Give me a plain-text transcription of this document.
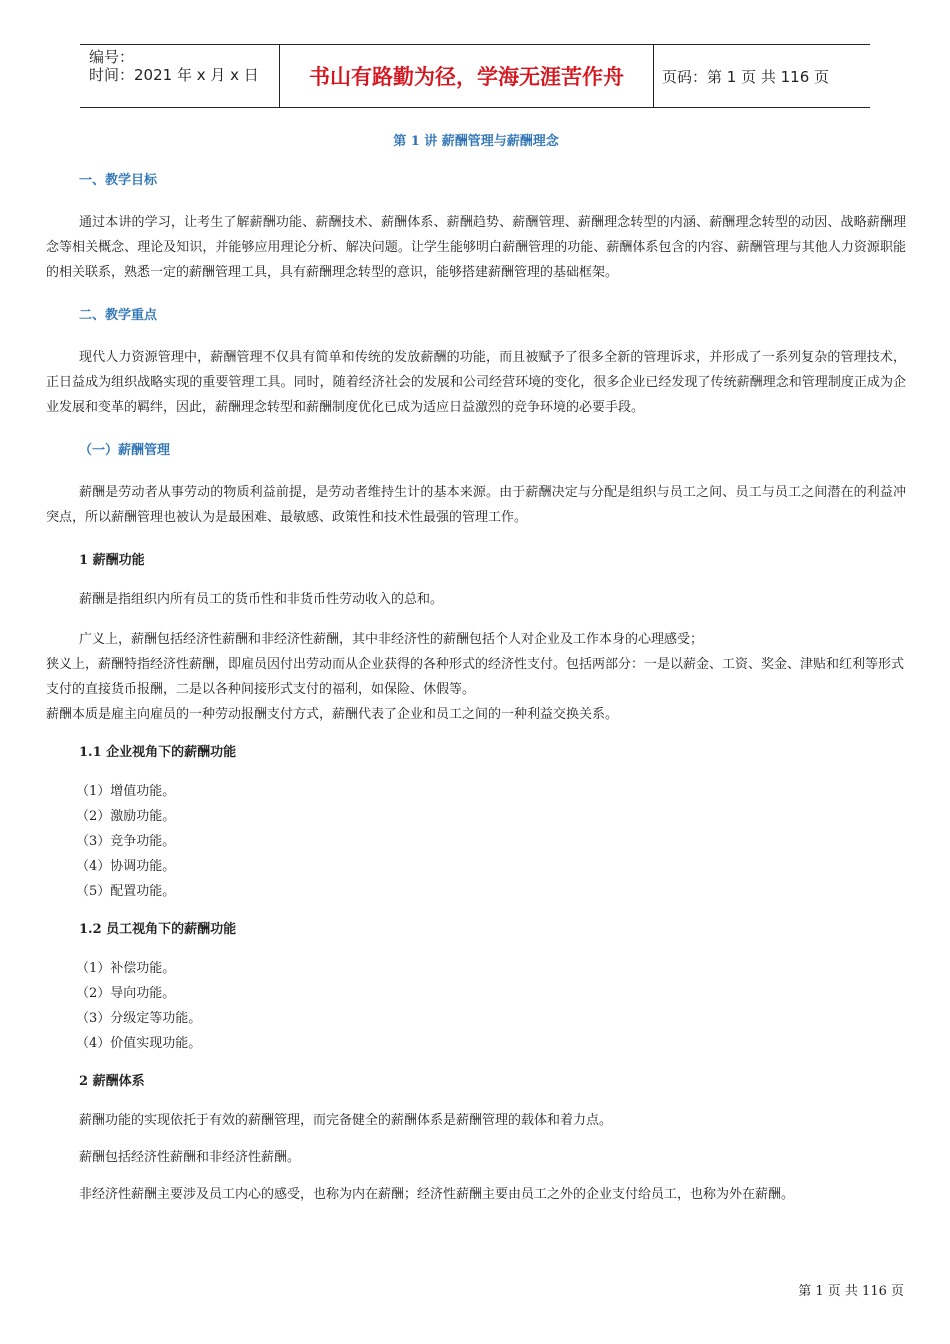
编号：
时间：2021 年 x 月 x 日	书山有路勤为径，学海无涯苦作舟	页码：第 1 页 共 116 页
第 1 讲 薪酬管理与薪酬理念
一、教学目标

通过本讲的学习，让考生了解薪酬功能、薪酬技术、薪酬体系、薪酬趋势、薪酬管理、薪酬理念转型的内涵、薪酬理念转型的动因、战略薪酬理念等相关概念、理论及知识，并能够应用理论分析、解决问题。让学生能够明白薪酬管理的功能、薪酬体系包含的内容、薪酬管理与其他人力资源职能的相关联系，熟悉一定的薪酬管理工具，具有薪酬理念转型的意识，能够搭建薪酬管理的基础框架。

二、教学重点

现代人力资源管理中，薪酬管理不仅具有简单和传统的发放薪酬的功能，而且被赋予了很多全新的管理诉求，并形成了一系列复杂的管理技术，正日益成为组织战略实现的重要管理工具。同时，随着经济社会的发展和公司经营环境的变化，很多企业已经发现了传统薪酬理念和管理制度正成为企业发展和变革的羁绊，因此，薪酬理念转型和薪酬制度优化已成为适应日益激烈的竞争环境的必要手段。

（一）薪酬管理

薪酬是劳动者从事劳动的物质利益前提，是劳动者维持生计的基本来源。由于薪酬决定与分配是组织与员工之间、员工与员工之间潜在的利益冲突点，所以薪酬管理也被认为是最困难、最敏感、政策性和技术性最强的管理工作。

1 薪酬功能

薪酬是指组织内所有员工的货币性和非货币性劳动收入的总和。

广义上，薪酬包括经济性薪酬和非经济性薪酬，其中非经济性的薪酬包括个人对企业及工作本身的心理感受；

狭义上，薪酬特指经济性薪酬，即雇员因付出劳动而从企业获得的各种形式的经济性支付。包括两部分：一是以薪金、工资、奖金、津贴和红利等形式支付的直接货币报酬，二是以各种间接形式支付的福利，如保险、休假等。

薪酬本质是雇主向雇员的一种劳动报酬支付方式，薪酬代表了企业和员工之间的一种利益交换关系。

1.1 企业视角下的薪酬功能

（1）增值功能。

（2）激励功能。

（3）竞争功能。

（4）协调功能。

（5）配置功能。

1.2 员工视角下的薪酬功能

（1）补偿功能。

（2）导向功能。

（3）分级定等功能。

（4）价值实现功能。

2 薪酬体系

薪酬功能的实现依托于有效的薪酬管理，而完备健全的薪酬体系是薪酬管理的载体和着力点。

薪酬包括经济性薪酬和非经济性薪酬。

非经济性薪酬主要涉及员工内心的感受，也称为内在薪酬；经济性薪酬主要由员工之外的企业支付给员工，也称为外在薪酬。

第 1 页 共 116 页
